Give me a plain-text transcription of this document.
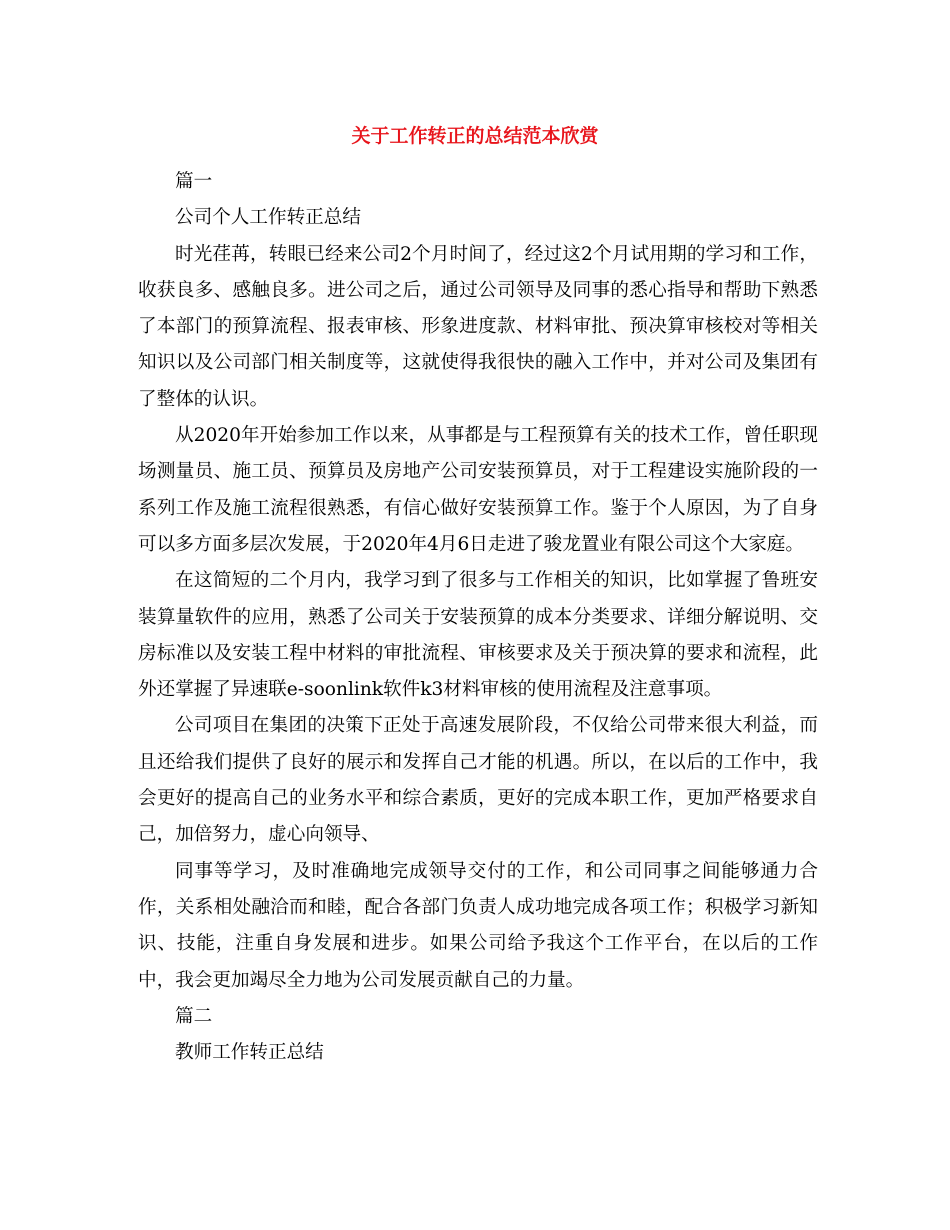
关于工作转正的总结范本欣赏

篇一

公司个人工作转正总结

时光荏苒，转眼已经来公司2个月时间了，经过这2个月试用期的学习和工作，收获良多、感触良多。进公司之后，通过公司领导及同事的悉心指导和帮助下熟悉了本部门的预算流程、报表审核、形象进度款、材料审批、预决算审核校对等相关知识以及公司部门相关制度等，这就使得我很快的融入工作中，并对公司及集团有了整体的认识。

从2020年开始参加工作以来，从事都是与工程预算有关的技术工作，曾任职现场测量员、施工员、预算员及房地产公司安装预算员，对于工程建设实施阶段的一系列工作及施工流程很熟悉，有信心做好安装预算工作。鉴于个人原因，为了自身可以多方面多层次发展，于2020年4月6日走进了骏龙置业有限公司这个大家庭。

在这简短的二个月内，我学习到了很多与工作相关的知识，比如掌握了鲁班安装算量软件的应用，熟悉了公司关于安装预算的成本分类要求、详细分解说明、交房标准以及安装工程中材料的审批流程、审核要求及关于预决算的要求和流程，此外还掌握了异速联e-soonlink软件k3材料审核的使用流程及注意事项。

公司项目在集团的决策下正处于高速发展阶段，不仅给公司带来很大利益，而且还给我们提供了良好的展示和发挥自己才能的机遇。所以，在以后的工作中，我会更好的提高自己的业务水平和综合素质，更好的完成本职工作，更加严格要求自己，加倍努力，虚心向领导、

同事等学习，及时准确地完成领导交付的工作，和公司同事之间能够通力合作，关系相处融洽而和睦，配合各部门负责人成功地完成各项工作；积极学习新知识、技能，注重自身发展和进步。如果公司给予我这个工作平台，在以后的工作中，我会更加竭尽全力地为公司发展贡献自己的力量。

篇二

教师工作转正总结
